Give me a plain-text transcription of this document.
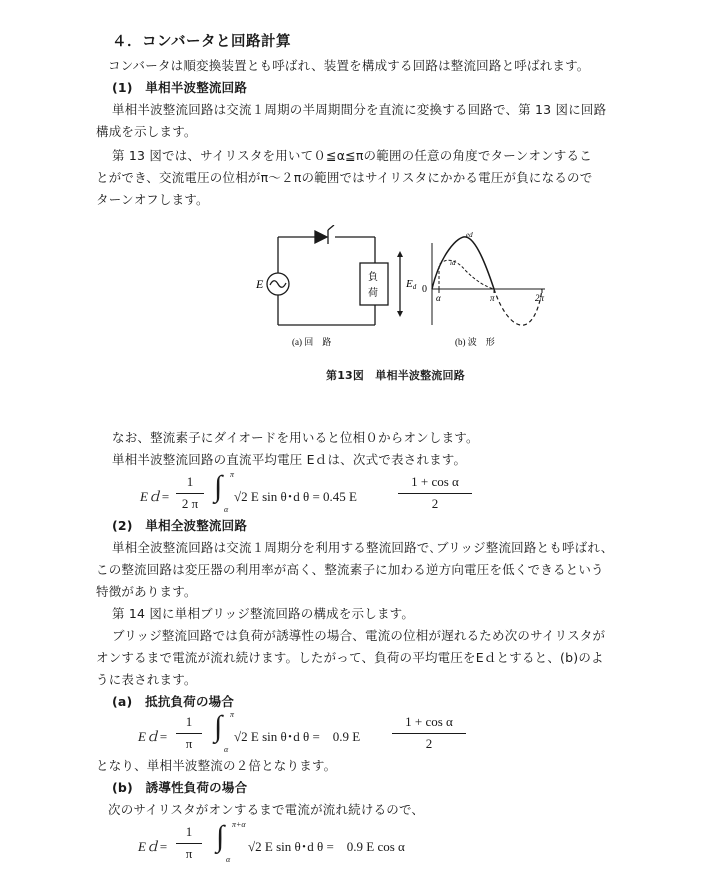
４．コンバータと回路計算
コンバータは順変換装置とも呼ばれ、装置を構成する回路は整流回路と呼ばれます。
(1)　単相半波整流回路
単相半波整流回路は交流１周期の半周期間分を直流に変換する回路で、第 13 図に回路
構成を示します。
第 13 図では、サイリスタを用いて０≦α≦πの範囲の任意の角度でターンオンするこ
とができ、交流電圧の位相がπ～２πの範囲ではサイリスタにかかる電圧が負になるので
ターンオフします。
E	負
荷
Ed
(a) 回　路
ed
id
0
α	π	2π
(b) 波　形
第13図　単相半波整流回路
なお、整流素子にダイオードを用いると位相０からオンします。
単相半波整流回路の直流平均電圧 Eｄは、次式で表されます。
Eｄ=
1
2 π
∫ π
α
√2 E sin θ･d θ = 0.45 E
1 + cos α
2
(2)　単相全波整流回路
単相全波整流回路は交流１周期分を利用する整流回路で､ブリッジ整流回路とも呼ばれ、
この整流回路は変圧器の利用率が高く、整流素子に加わる逆方向電圧を低くできるという
特徴があります。
第 14 図に単相ブリッジ整流回路の構成を示します。
ブリッジ整流回路では負荷が誘導性の場合、電流の位相が遅れるため次のサイリスタが
オンするまで電流が流れ続けます。したがって、負荷の平均電圧をEｄとすると、(b)のよ
うに表されます。
(a)　抵抗負荷の場合
Eｄ=
1
π
∫ π
α
√2 E sin θ･d θ =　0.9 E
1 + cos α
2
となり、単相半波整流の２倍となります。
(b)　誘導性負荷の場合
次のサイリスタがオンするまで電流が流れ続けるので、
Eｄ=
1
π
∫ π+α
α
√2 E sin θ･d θ =　0.9 E cos α
